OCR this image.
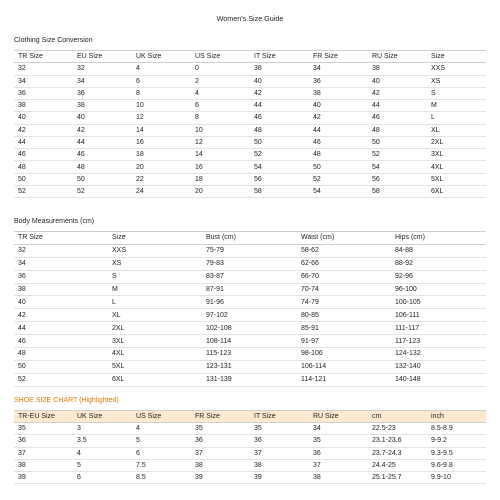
Women's Size Guide
Clothing Size Conversion
TR Size	EU Size	UK Size	US Size	IT Size	FR Size	RU Size	Size
32	32	4	0	38	34	38	XXS
34	34	6	2	40	36	40	XS
36	36	8	4	42	38	42	S
38	38	10	6	44	40	44	M
40	40	12	8	46	42	46	L
42	42	14	10	48	44	48	XL
44	44	16	12	50	46	50	2XL
46	46	18	14	52	48	52	3XL
48	48	20	16	54	50	54	4XL
50	50	22	18	56	52	56	5XL
52	52	24	20	58	54	58	6XL
Body Measurements (cm)
TR Size	Size	Bust (cm)	Waist (cm)	Hips (cm)
32	XXS	75-79	58-62	84-88
34	XS	79-83	62-66	88-92
36	S	83-87	66-70	92-96
38	M	87-91	70-74	96-100
40	L	91-96	74-79	100-105
42	XL	97-102	80-85	106-111
44	2XL	102-108	85-91	111-117
46	3XL	108-114	91-97	117-123
48	4XL	115-123	98-106	124-132
50	5XL	123-131	106-114	132-140
52	6XL	131-139	114-121	140-148
SHOE SIZE CHART (Highlighted)
TR-EU Size	UK Size	US Size	FR Size	IT Size	RU Size	cm	inch
35	3	4	35	35	34	22.5-23	8.5-8.9
36	3.5	5	36	36	35	23.1-23.6	9-9.2
37	4	6	37	37	36	23.7-24.3	9.3-9.5
38	5	7.5	38	38	37	24.4-25	9.6-9.8
39	6	8.5	39	39	38	25.1-25.7	9.9-10
